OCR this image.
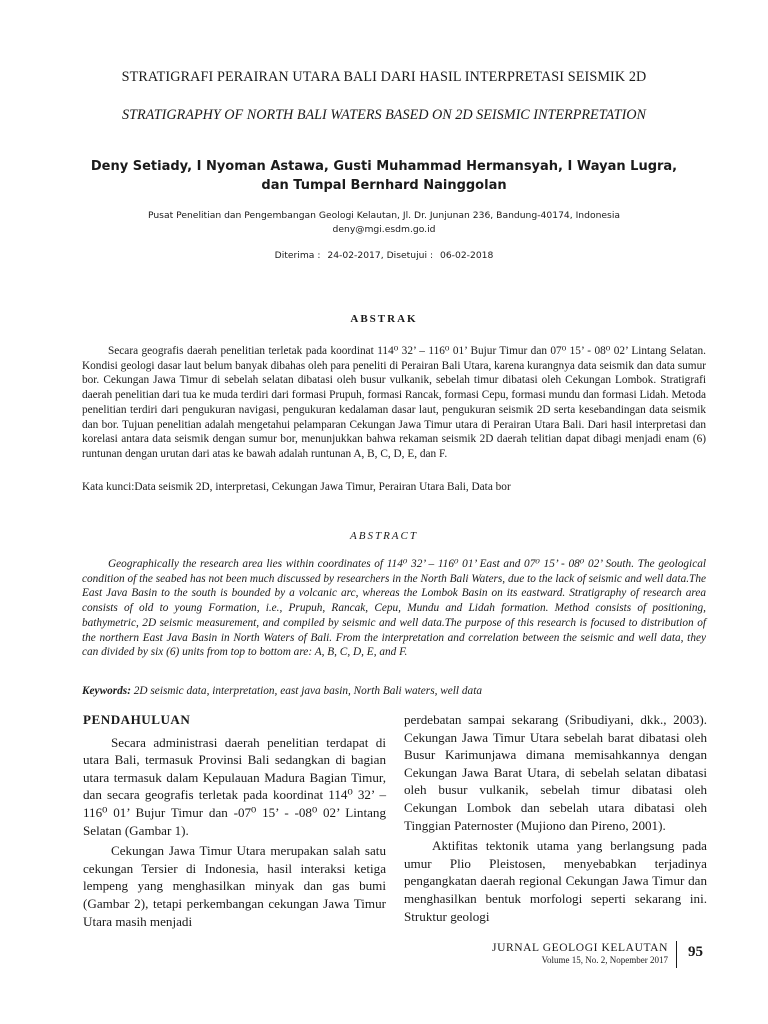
STRATIGRAFI PERAIRAN UTARA BALI DARI HASIL INTERPRETASI SEISMIK 2D
STRATIGRAPHY OF NORTH BALI WATERS BASED ON 2D SEISMIC INTERPRETATION
Deny Setiady, I Nyoman Astawa, Gusti Muhammad Hermansyah, I Wayan Lugra, dan Tumpal Bernhard Nainggolan
Pusat Penelitian dan Pengembangan Geologi Kelautan, Jl. Dr. Junjunan 236, Bandung-40174, Indonesia
deny@mgi.esdm.go.id
Diterima : 24-02-2017, Disetujui : 06-02-2018
ABSTRAK

Secara geografis daerah penelitian terletak pada koordinat 114⁰ 32’ – 116⁰ 01’ Bujur Timur dan 07⁰ 15’ - 08⁰ 02’ Lintang Selatan. Kondisi geologi dasar laut belum banyak dibahas oleh para peneliti di Perairan Bali Utara, karena kurangnya data seismik dan data sumur bor. Cekungan Jawa Timur di sebelah selatan dibatasi oleh busur vulkanik, sebelah timur dibatasi oleh Cekungan Lombok. Stratigrafi daerah penelitian dari tua ke muda terdiri dari formasi Prupuh, formasi Rancak, formasi Cepu, formasi mundu dan formasi Lidah. Metoda penelitian terdiri dari pengukuran navigasi, pengukuran kedalaman dasar laut, pengukuran seismik 2D serta kesebandingan data seismik dan bor. Tujuan penelitian adalah mengetahui pelamparan Cekungan Jawa Timur utara di Perairan Utara Bali. Dari hasil interpretasi dan korelasi antara data seismik dengan sumur bor, menunjukkan bahwa rekaman seismik 2D daerah telitian dapat dibagi menjadi enam (6) runtunan dengan urutan dari atas ke bawah adalah runtunan A, B, C, D, E, dan F.

Kata kunci:Data seismik 2D, interpretasi, Cekungan Jawa Timur, Perairan Utara Bali, Data bor
ABSTRACT

Geographically the research area lies within coordinates of 114⁰ 32’ – 116⁰ 01’ East and 07⁰ 15’ - 08⁰ 02’ South. The geological condition of the seabed has not been much discussed by researchers in the North Bali Waters, due to the lack of seismic and well data.The East Java Basin to the south is bounded by a volcanic arc, whereas the Lombok Basin on its eastward. Stratigraphy of research area consists of old to young Formation, i.e., Prupuh, Rancak, Cepu, Mundu and Lidah formation. Method consists of positioning, bathymetric, 2D seismic measurement, and compiled by seismic and well data.The purpose of this research is focused to distribution of the northern East Java Basin in North Waters of Bali. From the interpretation and correlation between the seismic and well data, they can divided by six (6) units from top to bottom are: A, B, C, D, E, and F.

Keywords: 2D seismic data, interpretation, east java basin, North Bali waters, well data
PENDAHULUAN

Secara administrasi daerah penelitian terdapat di utara Bali, termasuk Provinsi Bali sedangkan di bagian utara termasuk dalam Kepulauan Madura Bagian Timur, dan secara geografis terletak pada koordinat 114⁰ 32’ – 116⁰ 01’ Bujur Timur dan -07⁰ 15’ - -08⁰ 02’ Lintang Selatan (Gambar 1).

Cekungan Jawa Timur Utara merupakan salah satu cekungan Tersier di Indonesia, hasil interaksi ketiga lempeng yang menghasilkan minyak dan gas bumi (Gambar 2), tetapi perkembangan cekungan Jawa Timur Utara masih menjadi

perdebatan sampai sekarang (Sribudiyani, dkk., 2003). Cekungan Jawa Timur Utara sebelah barat dibatasi oleh Busur Karimunjawa dimana memisahkannya dengan Cekungan Jawa Barat Utara, di sebelah selatan dibatasi oleh busur vulkanik, sebelah timur dibatasi oleh Cekungan Lombok dan sebelah utara dibatasi oleh Tinggian Paternoster (Mujiono dan Pireno, 2001).

Aktifitas tektonik utama yang berlangsung pada umur Plio Pleistosen, menyebabkan terjadinya pengangkatan daerah regional Cekungan Jawa Timur dan menghasilkan bentuk morfologi seperti sekarang ini. Struktur geologi

JURNAL GEOLOGI KELAUTAN
Volume 15, No. 2, Nopember 2017 95
